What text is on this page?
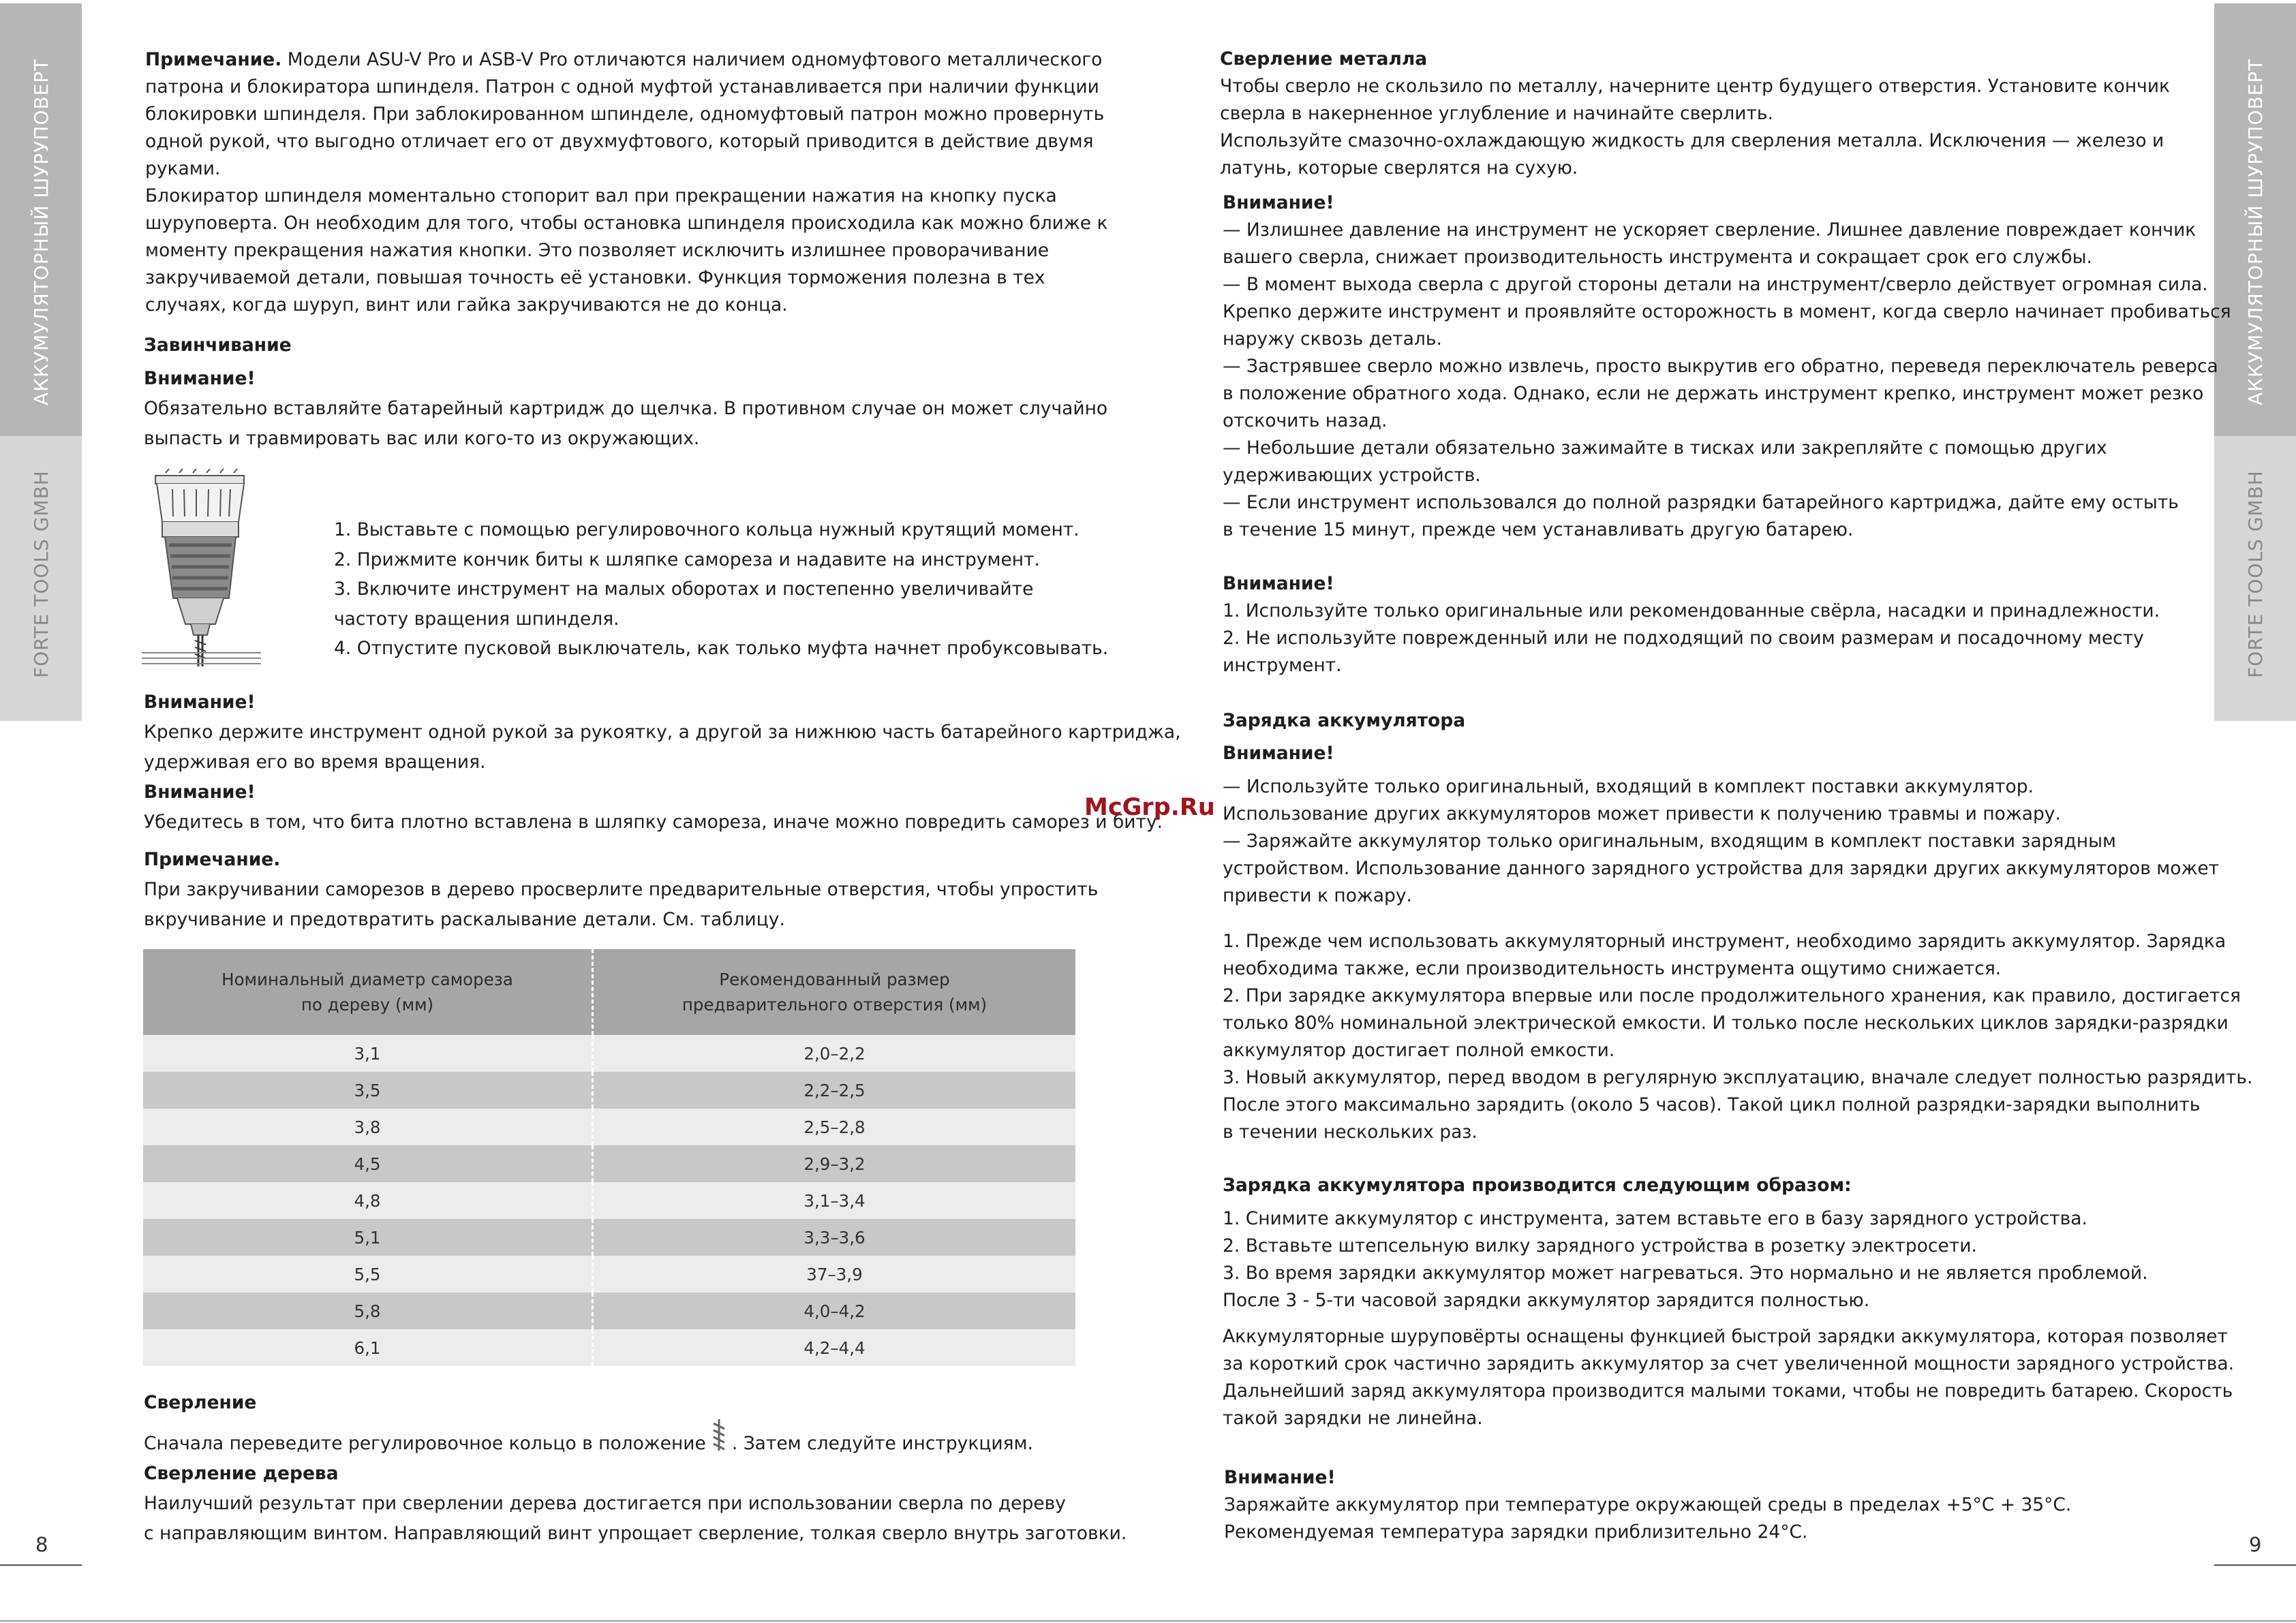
АККУМУЛЯТОРНЫЙ ШУРУПОВЕРТ
FORTE TOOLS GMBH
АККУМУЛЯТОРНЫЙ ШУРУПОВЕРТ
FORTE TOOLS GMBH
8	9

Примечание. Модели ASU-V Pro и ASB-V Pro отличаются наличием одномуфтового металлического

патрона и блокиратора шпинделя. Патрон с одной муфтой устанавливается при наличии функции

блокировки шпинделя. При заблокированном шпинделе, одномуфтовый патрон можно провернуть

одной рукой, что выгодно отличает его от двухмуфтового, который приводится в действие двумя

руками.

Блокиратор шпинделя моментально стопорит вал при прекращении нажатия на кнопку пуска

шуруповерта. Он необходим для того, чтобы остановка шпинделя происходила как можно ближе к

моменту прекращения нажатия кнопки. Это позволяет исключить излишнее проворачивание

закручиваемой детали, повышая точность её установки. Функция торможения полезна в тех

случаях, когда шуруп, винт или гайка закручиваются не до конца.

Завинчивание

Внимание!

Обязательно вставляйте батарейный картридж до щелчка. В противном случае он может случайно

выпасть и травмировать вас или кого-то из окружающих.

1. Выставьте с помощью регулировочного кольца нужный крутящий момент.

2. Прижмите кончик биты к шляпке самореза и надавите на инструмент.

3. Включите инструмент на малых оборотах и постепенно увеличивайте

частоту вращения шпинделя.

4. Отпустите пусковой выключатель, как только муфта начнет пробуксовывать.

Внимание!

Крепко держите инструмент одной рукой за рукоятку, а другой за нижнюю часть батарейного картриджа,

удерживая его во время вращения.

Внимание!

Убедитесь в том, что бита плотно вставлена в шляпку самореза, иначе можно повредить саморез и биту.

Примечание.

При закручивании саморезов в дерево просверлите предварительные отверстия, чтобы упростить

вкручивание и предотвратить раскалывание детали. См. таблицу.

Номинальный диаметр самореза
по дереву (мм)	Рекомендованный размер
предварительного отверстия (мм)
3,1	2,0–2,2
3,5	2,2–2,5
3,8	2,5–2,8
4,5	2,9–3,2
4,8	3,1–3,4
5,1	3,3–3,6
5,5	37–3,9
5,8	4,0–4,2
6,1	4,2–4,4

Сверление

Сначала переведите регулировочное кольцо в положение . Затем следуйте инструкциям.

Сверление дерева

Наилучший результат при сверлении дерева достигается при использовании сверла по дереву

с направляющим винтом. Направляющий винт упрощает сверление, толкая сверло внутрь заготовки.

McGrp.Ru

Сверление металла

Чтобы сверло не скользило по металлу, начерните центр будущего отверстия. Установите кончик

сверла в накерненное углубление и начинайте сверлить.

Используйте смазочно-охлаждающую жидкость для сверления металла. Исключения — железо и

латунь, которые сверлятся на сухую.

Внимание!

— Излишнее давление на инструмент не ускоряет сверление. Лишнее давление повреждает кончик

вашего сверла, снижает производительность инструмента и сокращает срок его службы.

— В момент выхода сверла с другой стороны детали на инструмент/сверло действует огромная сила.

Крепко держите инструмент и проявляйте осторожность в момент, когда сверло начинает пробиваться

наружу сквозь деталь.

— Застрявшее сверло можно извлечь, просто выкрутив его обратно, переведя переключатель реверса

в положение обратного хода. Однако, если не держать инструмент крепко, инструмент может резко

отскочить назад.

— Небольшие детали обязательно зажимайте в тисках или закрепляйте с помощью других

удерживающих устройств.

— Если инструмент использовался до полной разрядки батарейного картриджа, дайте ему остыть

в течение 15 минут, прежде чем устанавливать другую батарею.

Внимание!

1. Используйте только оригинальные или рекомендованные свёрла, насадки и принадлежности.

2. Не используйте поврежденный или не подходящий по своим размерам и посадочному месту

инструмент.

Зарядка аккумулятора

Внимание!

— Используйте только оригинальный, входящий в комплект поставки аккумулятор.

Использование других аккумуляторов может привести к получению травмы и пожару.

— Заряжайте аккумулятор только оригинальным, входящим в комплект поставки зарядным

устройством. Использование данного зарядного устройства для зарядки других аккумуляторов может

привести к пожару.

1. Прежде чем использовать аккумуляторный инструмент, необходимо зарядить аккумулятор. Зарядка

необходима также, если производительность инструмента ощутимо снижается.

2. При зарядке аккумулятора впервые или после продолжительного хранения, как правило, достигается

только 80% номинальной электрической емкости. И только после нескольких циклов зарядки-разрядки

аккумулятор достигает полной емкости.

3. Новый аккумулятор, перед вводом в регулярную эксплуатацию, вначале следует полностью разрядить.

После этого максимально зарядить (около 5 часов). Такой цикл полной разрядки-зарядки выполнить

в течении нескольких раз.

Зарядка аккумулятора производится следующим образом:

1. Снимите аккумулятор с инструмента, затем вставьте его в базу зарядного устройства.

2. Вставьте штепсельную вилку зарядного устройства в розетку электросети.

3. Во время зарядки аккумулятор может нагреваться. Это нормально и не является проблемой.

После 3 - 5-ти часовой зарядки аккумулятор зарядится полностью.

Аккумуляторные шуруповёрты оснащены функцией быстрой зарядки аккумулятора, которая позволяет

за короткий срок частично зарядить аккумулятор за счет увеличенной мощности зарядного устройства.

Дальнейший заряд аккумулятора производится малыми токами, чтобы не повредить батарею. Скорость

такой зарядки не линейна.

Внимание!

Заряжайте аккумулятор при температуре окружающей среды в пределах +5°С + 35°С.

Рекомендуемая температура зарядки приблизительно 24°С.
